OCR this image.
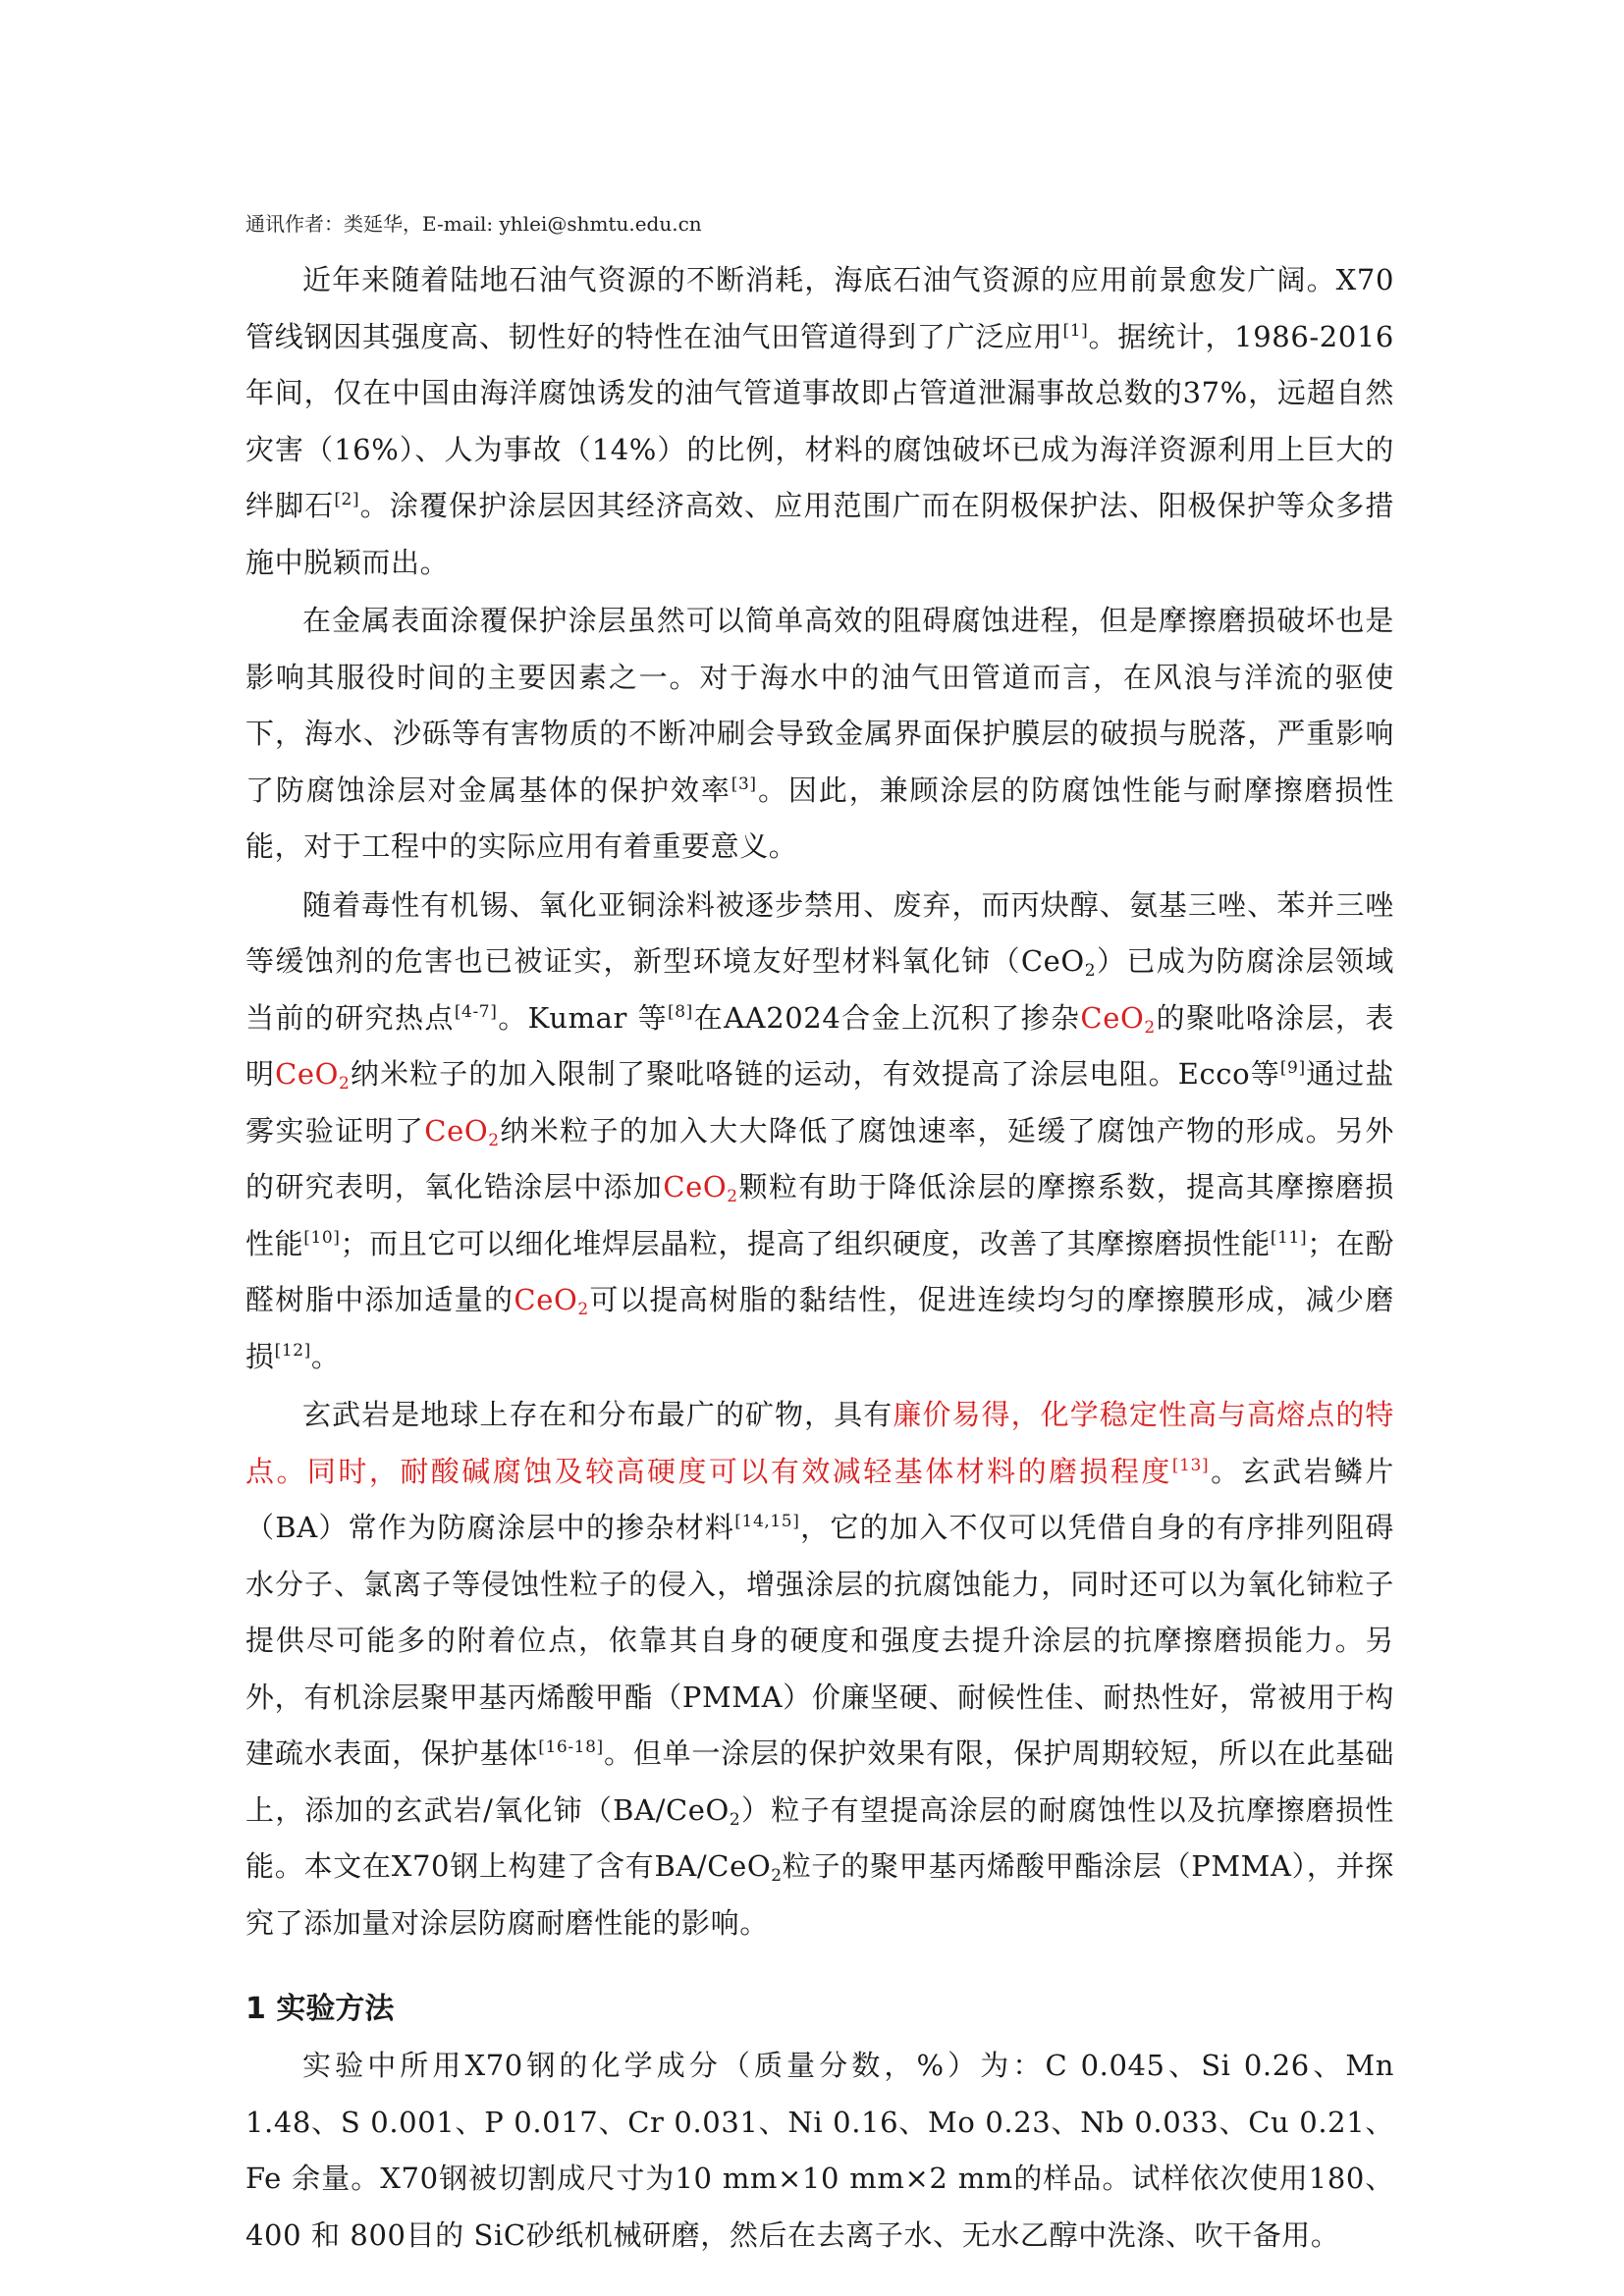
通讯作者：类延华，E-mail: yhlei@shmtu.edu.cn

近年来随着陆地石油气资源的不断消耗，海底石油气资源的应用前景愈发广阔。X70管线钢因其强度高、韧性好的特性在油气田管道得到了广泛应用[1]。据统计，1986-2016年间，仅在中国由海洋腐蚀诱发的油气管道事故即占管道泄漏事故总数的37%，远超自然灾害（16%）、人为事故（14%）的比例，材料的腐蚀破坏已成为海洋资源利用上巨大的绊脚石[2]。涂覆保护涂层因其经济高效、应用范围广而在阴极保护法、阳极保护等众多措施中脱颖而出。

在金属表面涂覆保护涂层虽然可以简单高效的阻碍腐蚀进程，但是摩擦磨损破坏也是影响其服役时间的主要因素之一。对于海水中的油气田管道而言，在风浪与洋流的驱使下，海水、沙砾等有害物质的不断冲刷会导致金属界面保护膜层的破损与脱落，严重影响了防腐蚀涂层对金属基体的保护效率[3]。因此，兼顾涂层的防腐蚀性能与耐摩擦磨损性能，对于工程中的实际应用有着重要意义。

随着毒性有机锡、氧化亚铜涂料被逐步禁用、废弃，而丙炔醇、氨基三唑、苯并三唑等缓蚀剂的危害也已被证实，新型环境友好型材料氧化铈（CeO$_2$）已成为防腐涂层领域当前的研究热点[4-7]。Kumar 等[8]在AA2024合金上沉积了掺杂CeO$_2$的聚吡咯涂层，表明CeO$_2$纳米粒子的加入限制了聚吡咯链的运动，有效提高了涂层电阻。Ecco等[9]通过盐雾实验证明了CeO$_2$纳米粒子的加入大大降低了腐蚀速率，延缓了腐蚀产物的形成。另外的研究表明，氧化锆涂层中添加CeO$_2$颗粒有助于降低涂层的摩擦系数，提高其摩擦磨损性能[10]；而且它可以细化堆焊层晶粒，提高了组织硬度，改善了其摩擦磨损性能[11]；在酚醛树脂中添加适量的CeO$_2$可以提高树脂的黏结性，促进连续均匀的摩擦膜形成，减少磨损[12]。

玄武岩是地球上存在和分布最广的矿物，具有廉价易得，化学稳定性高与高熔点的特点。同时，耐酸碱腐蚀及较高硬度可以有效减轻基体材料的磨损程度[13]。玄武岩鳞片（BA）常作为防腐涂层中的掺杂材料[14,15]，它的加入不仅可以凭借自身的有序排列阻碍水分子、氯离子等侵蚀性粒子的侵入，增强涂层的抗腐蚀能力，同时还可以为氧化铈粒子提供尽可能多的附着位点，依靠其自身的硬度和强度去提升涂层的抗摩擦磨损能力。另外，有机涂层聚甲基丙烯酸甲酯（PMMA）价廉坚硬、耐候性佳、耐热性好，常被用于构建疏水表面，保护基体[16-18]。但单一涂层的保护效果有限，保护周期较短，所以在此基础上，添加的玄武岩/氧化铈（BA/CeO$_2$）粒子有望提高涂层的耐腐蚀性以及抗摩擦磨损性能。本文在X70钢上构建了含有BA/CeO$_2$粒子的聚甲基丙烯酸甲酯涂层（PMMA），并探究了添加量对涂层防腐耐磨性能的影响。

1 实验方法

实验中所用X70钢的化学成分（质量分数，%）为：C 0.045、Si 0.26、Mn 1.48、S 0.001、P 0.017、Cr 0.031、Ni 0.16、Mo 0.23、Nb 0.033、Cu 0.21、Fe 余量。X70钢被切割成尺寸为10 mm×10 mm×2 mm的样品。试样依次使用180、400 和 800目的 SiC砂纸机械研磨，然后在去离子水、无水乙醇中洗涤、吹干备用。
